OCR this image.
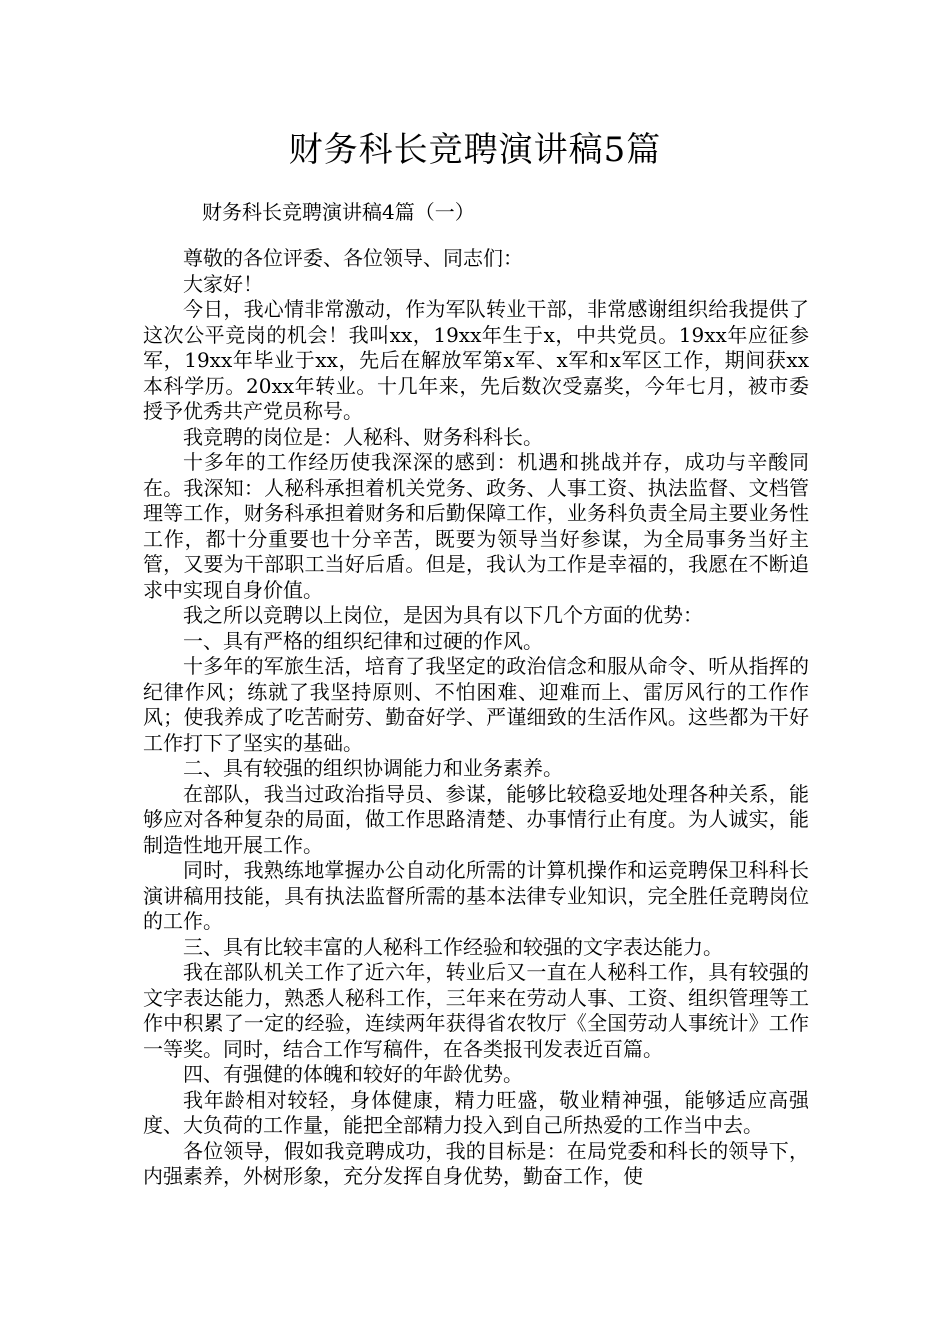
财务科长竞聘演讲稿5篇
财务科长竞聘演讲稿4篇（一）

尊敬的各位评委、各位领导、同志们：

大家好！

今日，我心情非常激动，作为军队转业干部，非常感谢组织给我提供了这次公平竞岗的机会！我叫xx，19xx年生于x，中共党员。19xx年应征参军，19xx年毕业于xx，先后在解放军第x军、x军和x军区工作，期间获xx本科学历。20xx年转业。十几年来，先后数次受嘉奖，今年七月，被市委授予优秀共产党员称号。

我竞聘的岗位是：人秘科、财务科科长。

十多年的工作经历使我深深的感到：机遇和挑战并存，成功与辛酸同在。我深知：人秘科承担着机关党务、政务、人事工资、执法监督、文档管理等工作，财务科承担着财务和后勤保障工作，业务科负责全局主要业务性工作，都十分重要也十分辛苦，既要为领导当好参谋，为全局事务当好主管，又要为干部职工当好后盾。但是，我认为工作是幸福的，我愿在不断追求中实现自身价值。

我之所以竞聘以上岗位，是因为具有以下几个方面的优势：

一、具有严格的组织纪律和过硬的作风。

十多年的军旅生活，培育了我坚定的政治信念和服从命令、听从指挥的纪律作风；练就了我坚持原则、不怕困难、迎难而上、雷厉风行的工作作风；使我养成了吃苦耐劳、勤奋好学、严谨细致的生活作风。这些都为干好工作打下了坚实的基础。

二、具有较强的组织协调能力和业务素养。

在部队，我当过政治指导员、参谋，能够比较稳妥地处理各种关系，能够应对各种复杂的局面，做工作思路清楚、办事情行止有度。为人诚实，能制造性地开展工作。

同时，我熟练地掌握办公自动化所需的计算机操作和运竞聘保卫科科长演讲稿用技能，具有执法监督所需的基本法律专业知识，完全胜任竞聘岗位的工作。

三、具有比较丰富的人秘科工作经验和较强的文字表达能力。

我在部队机关工作了近六年，转业后又一直在人秘科工作，具有较强的文字表达能力，熟悉人秘科工作，三年来在劳动人事、工资、组织管理等工作中积累了一定的经验，连续两年获得省农牧厅《全国劳动人事统计》工作一等奖。同时，结合工作写稿件，在各类报刊发表近百篇。

四、有强健的体魄和较好的年龄优势。

我年龄相对较轻，身体健康，精力旺盛，敬业精神强，能够适应高强度、大负荷的工作量，能把全部精力投入到自己所热爱的工作当中去。

各位领导，假如我竞聘成功，我的目标是：在局党委和科长的领导下，内强素养，外树形象，充分发挥自身优势，勤奋工作，使
